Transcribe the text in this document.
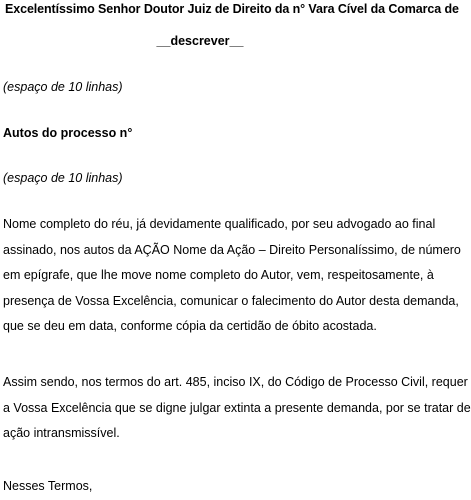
Excelentíssimo Senhor Doutor Juiz de Direito da n° Vara Cível da Comarca de
__descrever__
(espaço de 10 linhas)
Autos do processo n°
(espaço de 10 linhas)
Nome completo do réu, já devidamente qualificado, por seu advogado ao final
assinado, nos autos da AÇÃO Nome da Ação – Direito Personalíssimo, de número
em epígrafe, que lhe move nome completo do Autor, vem, respeitosamente, à
presença de Vossa Excelência, comunicar o falecimento do Autor desta demanda,
que se deu em data, conforme cópia da certidão de óbito acostada.
Assim sendo, nos termos do art. 485, inciso IX, do Código de Processo Civil, requer
a Vossa Excelência que se digne julgar extinta a presente demanda, por se tratar de
ação intransmissível.
Nesses Termos,
